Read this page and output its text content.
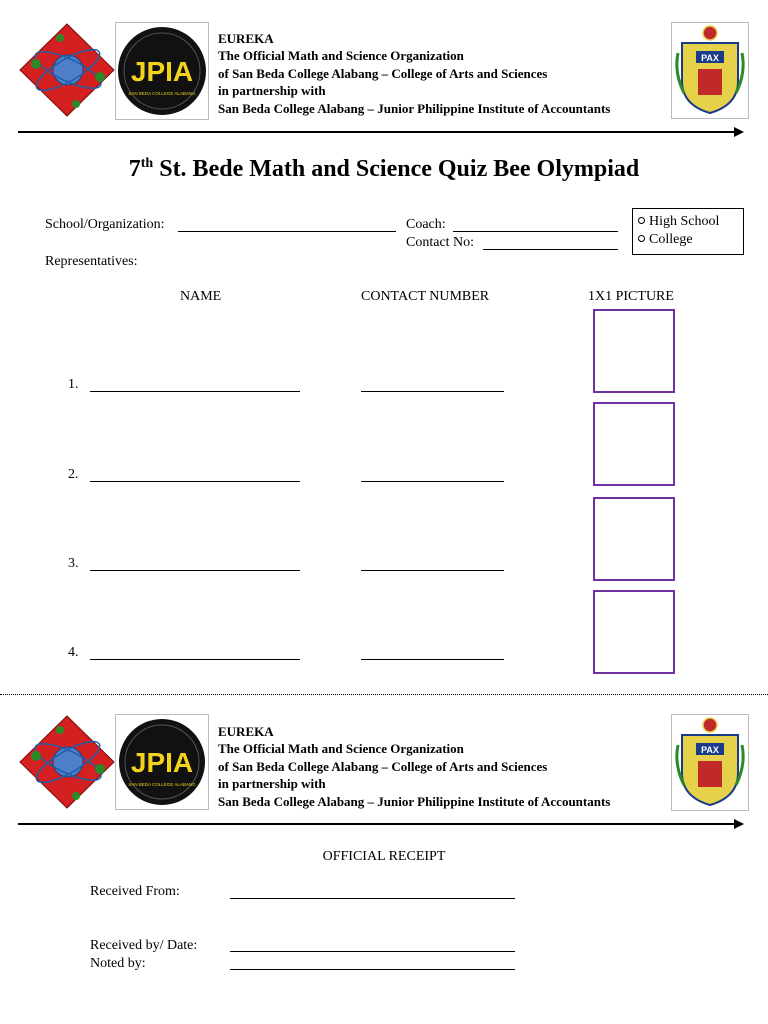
JPIA
SAN BEDA COLLEGE ALABANG
EUREKA
The Official Math and Science Organization
of San Beda College Alabang – College of Arts and Sciences
in partnership with
San Beda College Alabang – Junior Philippine Institute of Accountants
PAX
7th St. Bede Math and Science Quiz Bee Olympiad
School/Organization:	Coach:
Contact No:
High School
College
Representatives:
NAME	CONTACT NUMBER	1X1 PICTURE
1.
2.
3.
4.
JPIA
SAN BEDA COLLEGE ALABANG
EUREKA
The Official Math and Science Organization
of San Beda College Alabang – College of Arts and Sciences
in partnership with
San Beda College Alabang – Junior Philippine Institute of Accountants
PAX
OFFICIAL RECEIPT
Received From:
Received by/ Date:
Noted by:
